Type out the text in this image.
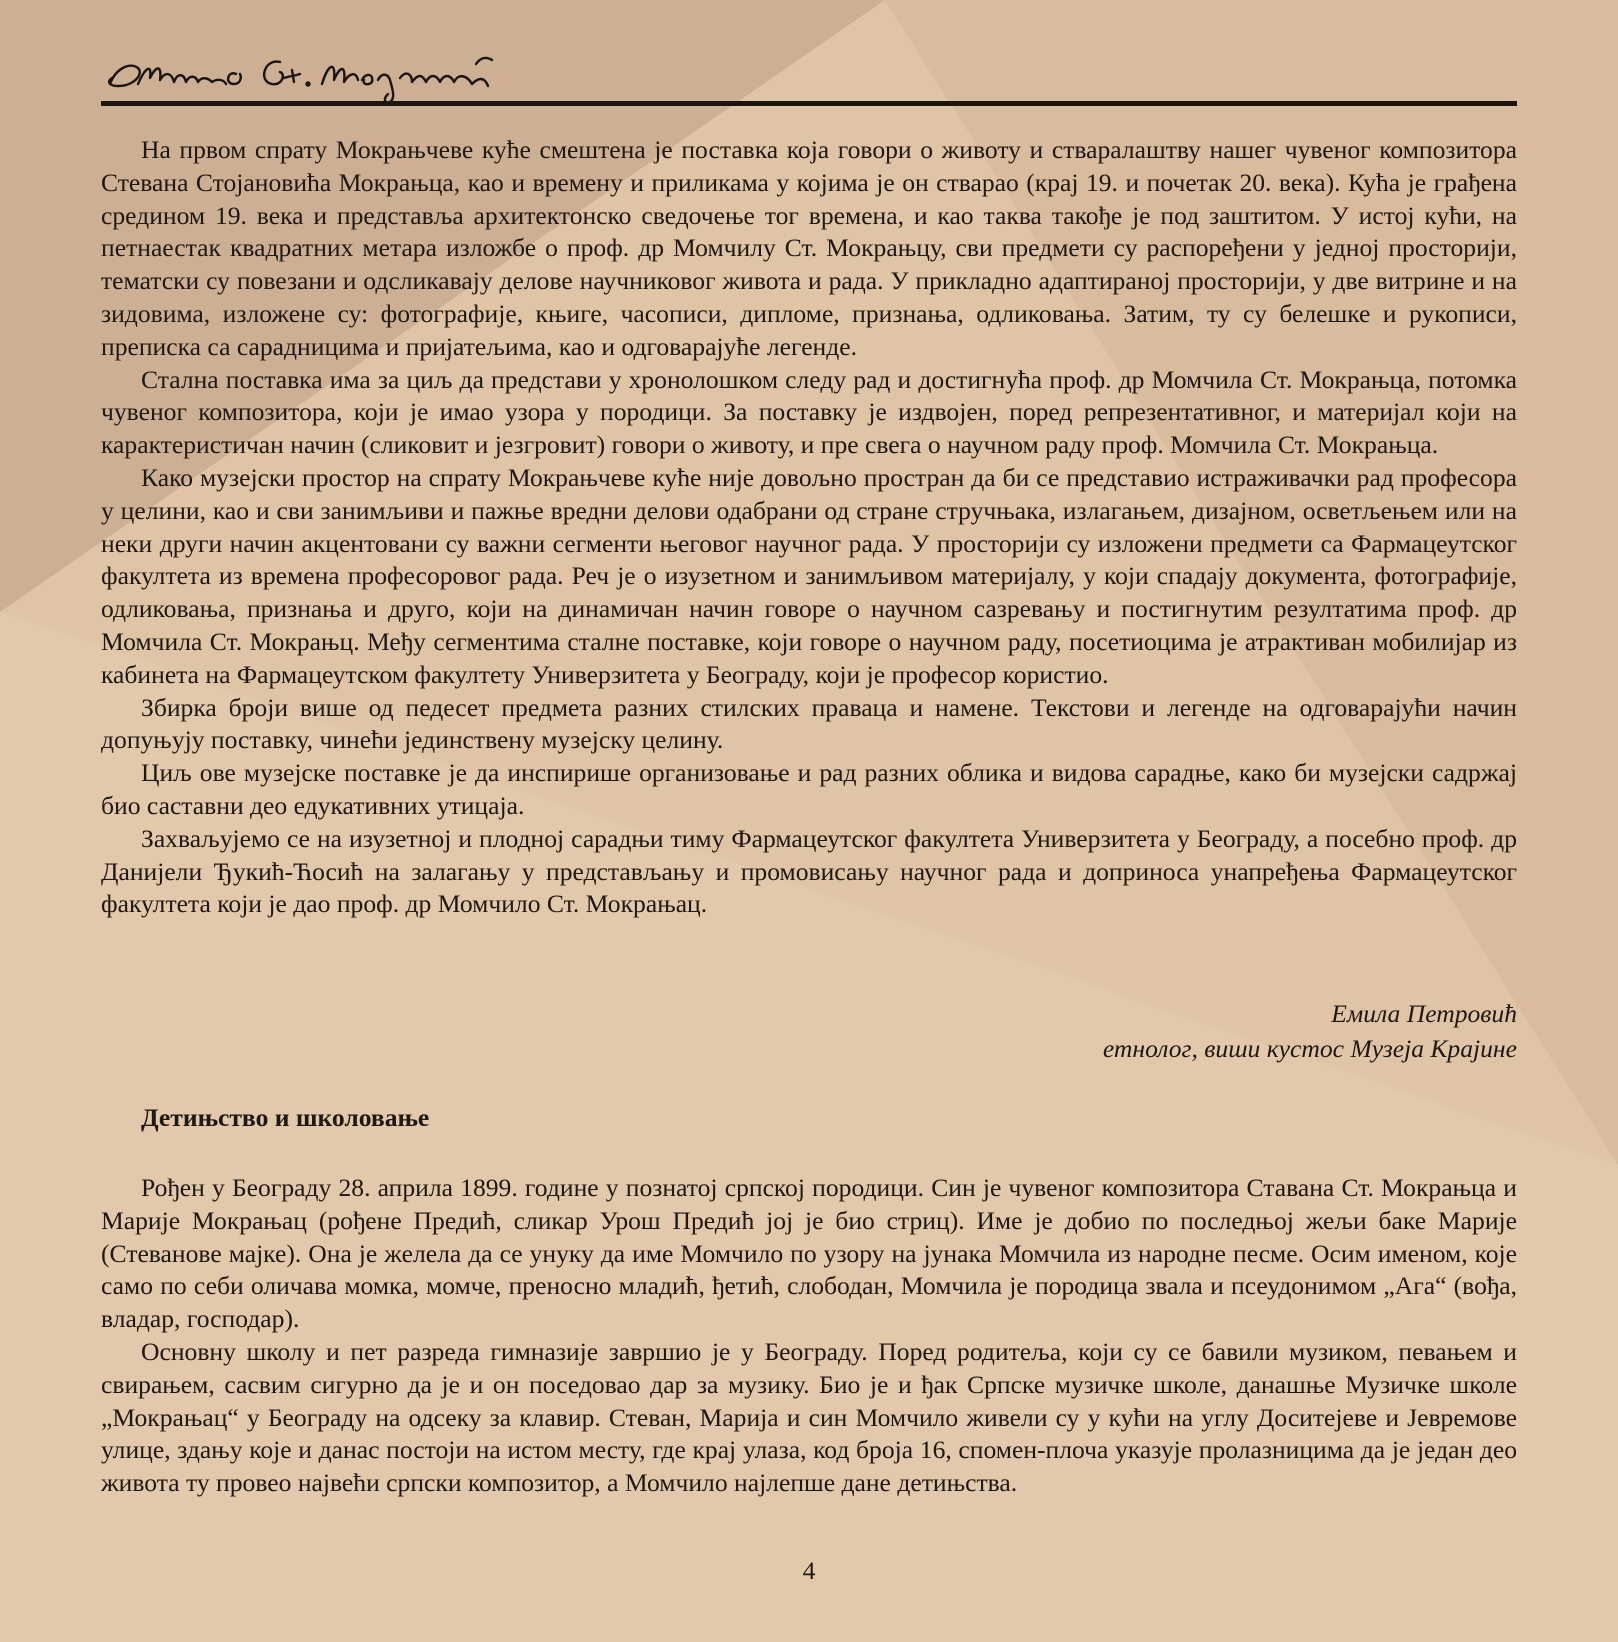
На првом спрату Мокрањчеве куће смештена је поставка која говори о животу и стваралаштву нашег чувеног композитора Стевана Стојановића Мокрањца, као и времену и приликама у којима је он стварао (крај 19. и почетак 20. века). Кућа је грађена средином 19. века и представља архитектонско сведочење тог времена, и као таква такође је под заштитом. У истој кући, на петнаестак квадратних метара изложбе о проф. др Момчилу Ст. Мокрањцу, сви предмети су распоређени у једној просторији, тематски су повезани и одсликавају делове научниковог живота и рада. У прикладно адаптираној просторији, у две витрине и на зидовима, изложене су: фотографије, књиге, часописи, дипломе, признања, одликовања. Затим, ту су белешке и рукописи, преписка са сарадницима и пријатељима, као и одговарајуће легенде.

Стална поставка има за циљ да представи у хронолошком следу рад и достигнућа проф. др Момчила Ст. Мокрањца, потомка чувеног композитора, који је имао узора у породици. За поставку је издвојен, поред репрезентативног, и материјал који на карактеристичан начин (сликовит и језгровит) говори о животу, и пре свега о научном раду проф. Момчила Ст. Мокрањца.

Како музејски простор на спрату Мокрањчеве куће није довољно простран да би се представио истраживачки рад професора у целини, као и сви занимљиви и пажње вредни делови одабрани од стране стручњака, излагањем, дизајном, осветљењем или на неки други начин акцентовани су важни сегменти његовог научног рада. У просторији су изложени предмети са Фармацеутског факултета из времена професоровог рада. Реч је о изузетном и занимљивом материјалу, у који спадају документа, фотографије, одликовања, признања и друго, који на динамичан начин говоре о научном сазревању и постигнутим резултатима проф. др Момчила Ст. Мокрањц. Међу сегментима сталне поставке, који говоре о научном раду, посетиоцима је атрактиван мобилијар из кабинета на Фармацеутском факултету Универзитета у Београду, који је професор користио.

Збирка броји више од педесет предмета разних стилских праваца и намене. Текстови и легенде на одговарајући начин допуњују поставку, чинећи јединствену музејску целину.

Циљ ове музејске поставке је да инспирише организовање и рад разних облика и видова сарадње, како би музејски садржај био саставни део едукативних утицаја.

Захваљујемо се на изузетној и плодној сарадњи тиму Фармацеутског факултета Универзитета у Београду, а посебно проф. др Данијели Ђукић-Ћосић на залагању у представљању и промовисању научног рада и доприноса унапређења Фармацеутског факултета који је дао проф. др Момчило Ст. Мокрањац.

Емила Петровић
етнолог, виши кустос Музеја Крајине
Детињство и школовање

Рођен у Београду 28. априла 1899. године у познатој српској породици. Син је чувеног композитора Ставана Ст. Мокрањца и Марије Мокрањац (рођене Предић, сликар Урош Предић јој је био стриц). Име је добио по последњој жељи баке Марије (Стеванове мајке). Она је желела да се унуку да име Момчило по узору на јунака Момчила из народне песме. Осим именом, које само по себи оличава момка, момче, преносно младић, ђетић, слободан, Момчила је породица звала и псеудонимом „Ага“ (вођа, владар, господар).

Основну школу и пет разреда гимназије завршио је у Београду. Поред родитеља, који су се бавили музиком, певањем и свирањем, сасвим сигурно да је и он поседовао дар за музику. Био је и ђак Српске музичке школе, данашње Музичке школе „Мокрањац“ у Београду на одсеку за клавир. Стеван, Марија и син Момчило живели су у кући на углу Доситејеве и Јевремове улице, здању које и данас постоји на истом месту, где крај улаза, код броја 16, спомен-плоча указује пролазницима да је један део живота ту провео највећи српски композитор, а Момчило најлепше дане детињства.

4
